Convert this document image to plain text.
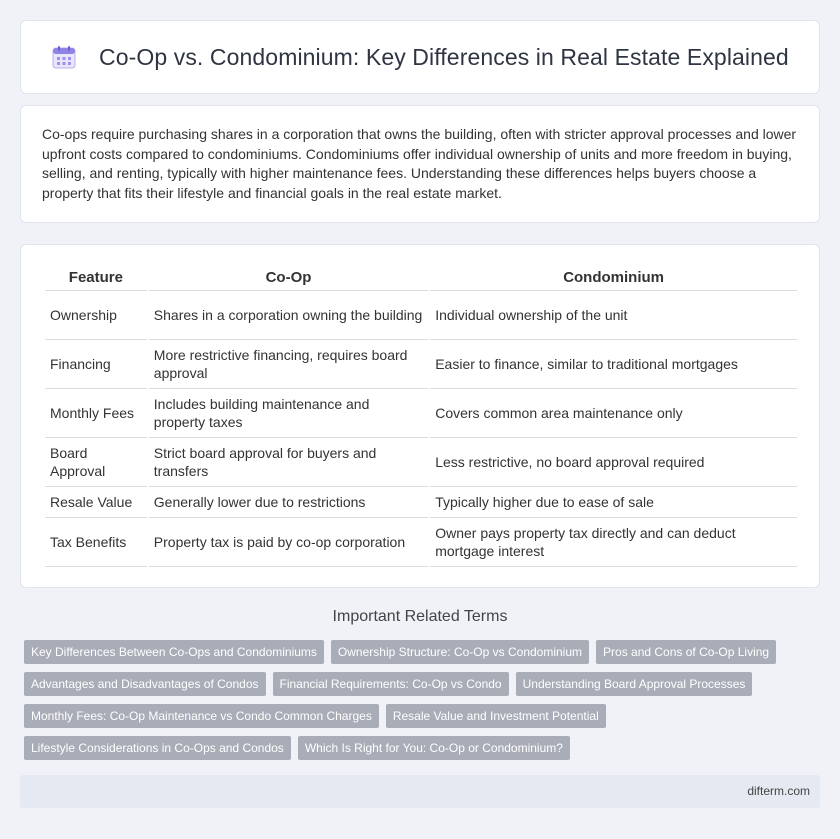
Co-Op vs. Condominium: Key Differences in Real Estate Explained

Co-ops require purchasing shares in a corporation that owns the building, often with stricter approval processes and lower upfront costs compared to condominiums. Condominiums offer individual ownership of units and more freedom in buying, selling, and renting, typically with higher maintenance fees. Understanding these differences helps buyers choose a property that fits their lifestyle and financial goals in the real estate market.

Feature	Co-Op	Condominium
Ownership	Shares in a corporation owning the building	Individual ownership of the unit
Financing	More restrictive financing, requires board approval	Easier to finance, similar to traditional mortgages
Monthly Fees	Includes building maintenance and property taxes	Covers common area maintenance only
Board Approval	Strict board approval for buyers and transfers	Less restrictive, no board approval required
Resale Value	Generally lower due to restrictions	Typically higher due to ease of sale
Tax Benefits	Property tax is paid by co-op corporation	Owner pays property tax directly and can deduct mortgage interest
Important Related Terms
Key Differences Between Co-Ops and Condominiums	Ownership Structure: Co-Op vs Condominium	Pros and Cons of Co-Op Living
Advantages and Disadvantages of Condos	Financial Requirements: Co-Op vs Condo	Understanding Board Approval Processes
Monthly Fees: Co-Op Maintenance vs Condo Common Charges	Resale Value and Investment Potential
Lifestyle Considerations in Co-Ops and Condos	Which Is Right for You: Co-Op or Condominium?
difterm.com
